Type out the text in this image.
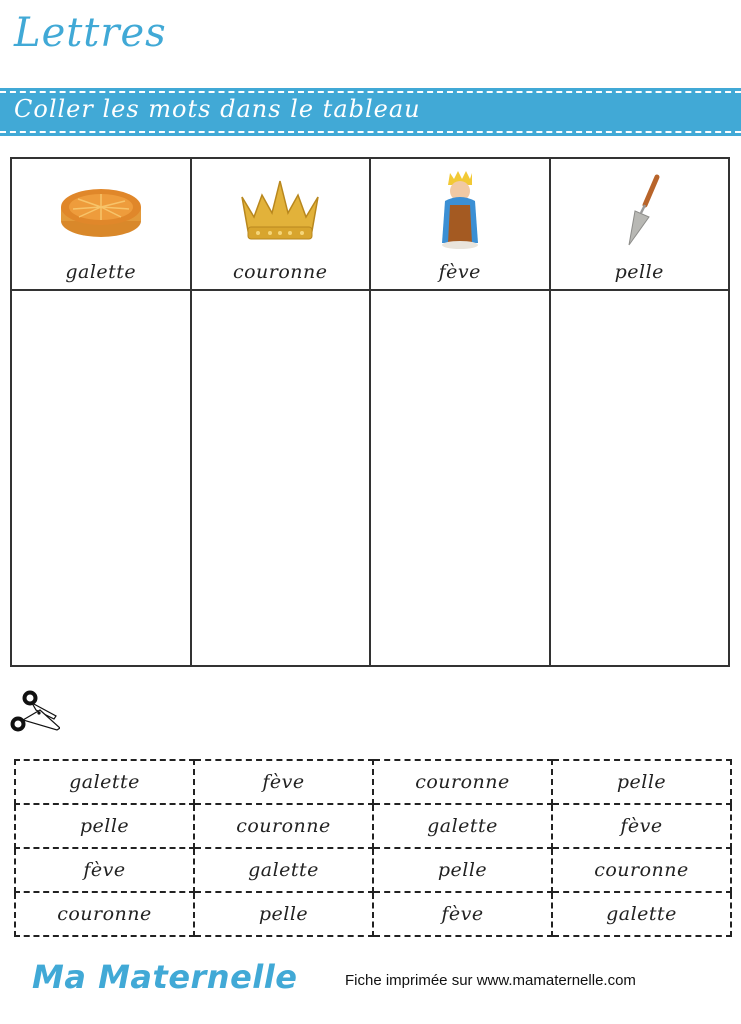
Lettres
Coller les mots dans le tableau
galette	couronne	fève	pelle

galette	fève	couronne	pelle
pelle	couronne	galette	fève
fève	galette	pelle	couronne
couronne	pelle	fève	galette
Ma Maternelle	Fiche imprimée sur www.mamaternelle.com
